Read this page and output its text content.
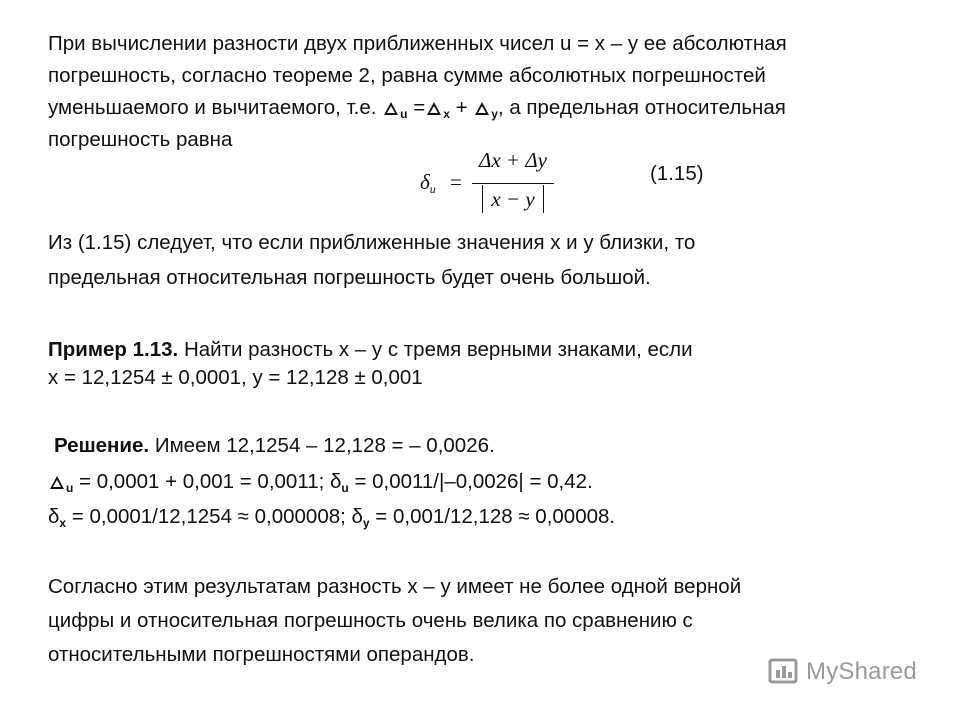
При вычислении разности двух приближенных чисел u = x – y ее абсолютная
погрешность, согласно теореме 2, равна сумме абсолютных погрешностей
уменьшаемого и вычитаемого, т.е. $_u$ = $_x$ + $_y$, а предельная относительная
погрешность равна
Из (1.15) следует, что если приближенные значения x и y близки, то
предельная относительная погрешность будет очень большой.
Пример 1.13. Найти разность x – y с тремя верными знаками, если
x = 12,1254 ± 0,0001, y = 12,128 ± 0,001
Решение. Имеем 12,1254 – 12,128 = – 0,0026.
$_u$ = 0,0001 + 0,001 = 0,0011; $\delta_u = 0,0011/|-0,0026| = 0,42$.
$\delta_x = 0,0001/12,1254 \approx 0,000008$; $\delta_y = 0,001/12,128 \approx 0,00008$.
Согласно этим результатам разность x – y имеет не более одной верной
цифры и относительная погрешность очень велика по сравнению с
относительными погрешностями операндов.
$\delta_u$ =
Δx + Δy
x − y
(1.15)
MyShared
